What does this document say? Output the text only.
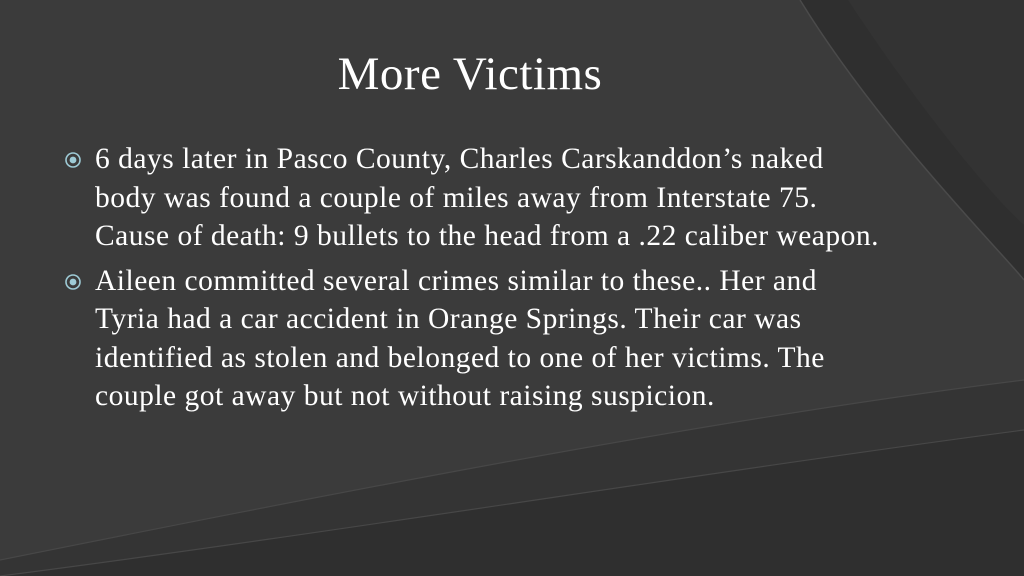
More Victims
6 days later in Pasco County, Charles Carskanddon’s naked body was found a couple of miles away from Interstate 75. Cause of death: 9 bullets to the head from a .22 caliber weapon.
Aileen committed several crimes similar to these.. Her and Tyria had a car accident in Orange Springs. Their car was identified as stolen and belonged to one of her victims. The couple got away but not without raising suspicion.
